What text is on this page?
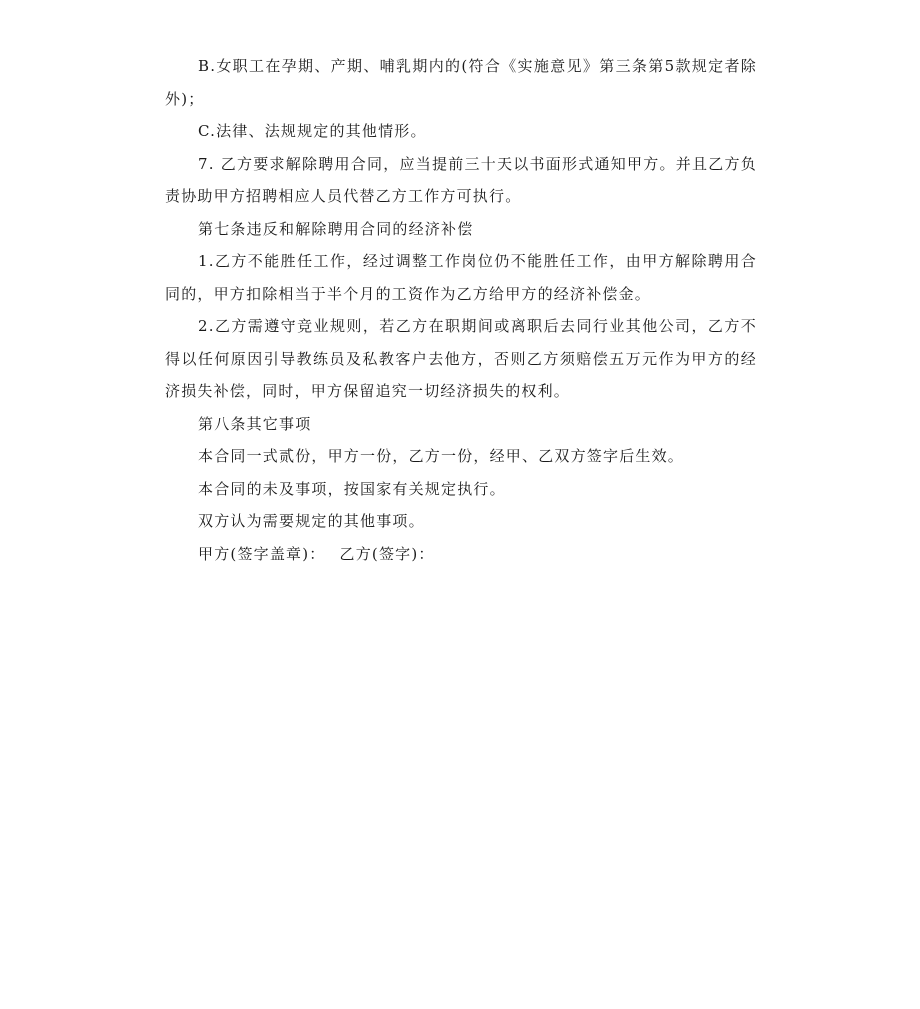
B.女职工在孕期、产期、哺乳期内的(符合《实施意见》第三条第5款规定者除外)；

C.法律、法规规定的其他情形。

7. 乙方要求解除聘用合同，应当提前三十天以书面形式通知甲方。并且乙方负责协助甲方招聘相应人员代替乙方工作方可执行。

第七条违反和解除聘用合同的经济补偿

1.乙方不能胜任工作，经过调整工作岗位仍不能胜任工作，由甲方解除聘用合同的，甲方扣除相当于半个月的工资作为乙方给甲方的经济补偿金。

2.乙方需遵守竞业规则，若乙方在职期间或离职后去同行业其他公司，乙方不得以任何原因引导教练员及私教客户去他方，否则乙方须赔偿五万元作为甲方的经济损失补偿，同时，甲方保留追究一切经济损失的权利。

第八条其它事项

本合同一式贰份，甲方一份，乙方一份，经甲、乙双方签字后生效。

本合同的未及事项，按国家有关规定执行。

双方认为需要规定的其他事项。

甲方(签字盖章)： 乙方(签字)：
